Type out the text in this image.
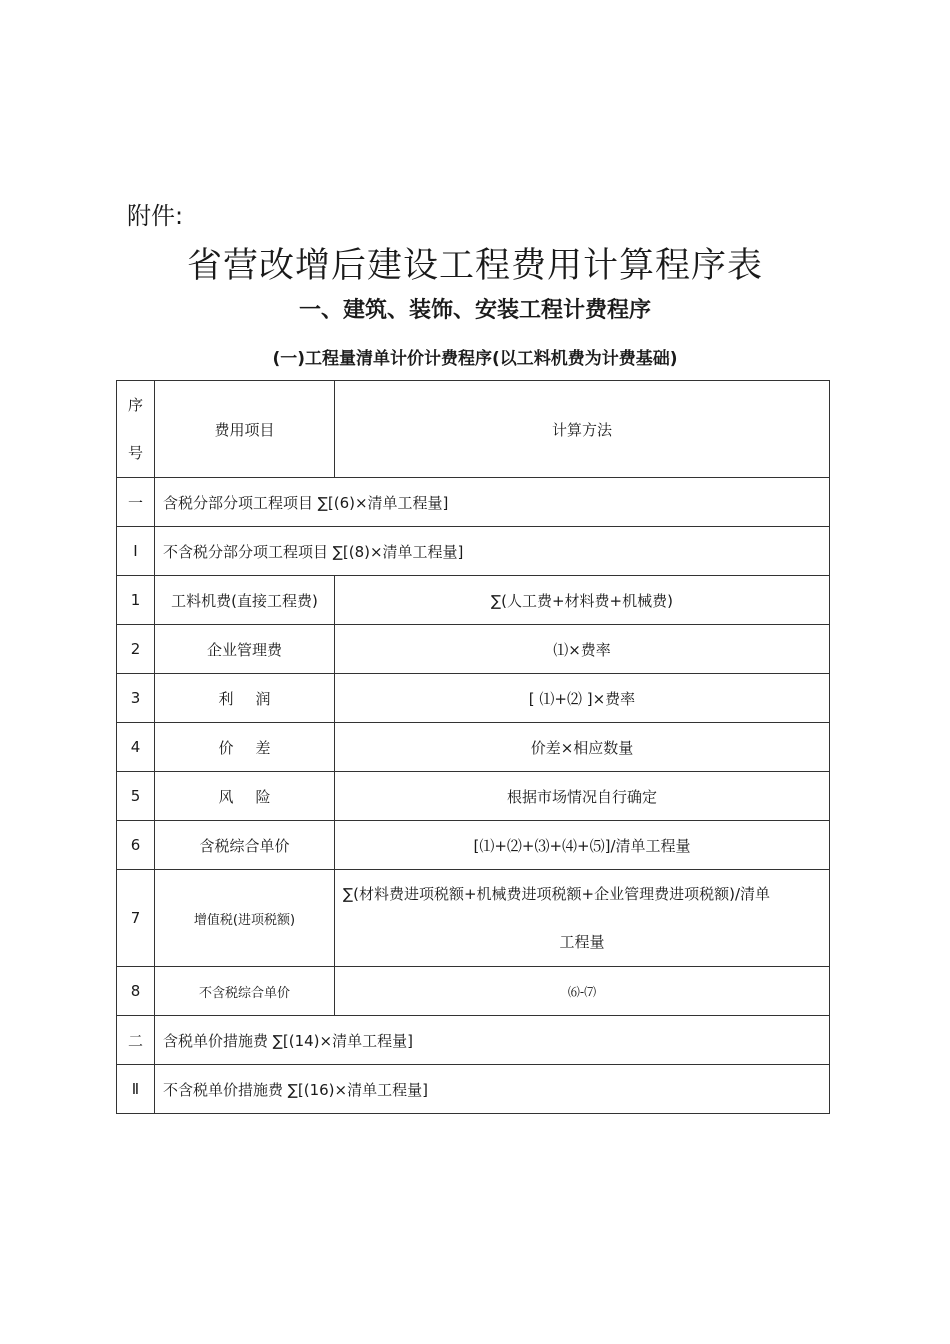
附件:
省营改增后建设工程费用计算程序表
一、建筑、装饰、安装工程计费程序
(一)工程量清单计价计费程序(以工料机费为计费基础)
序
号	费用项目	计算方法
一	含税分部分项工程项目 ∑[(6)×清单工程量]	
Ⅰ	不含税分部分项工程项目 ∑[(8)×清单工程量]	
1	工料机费(直接工程费)	∑(人工费+材料费+机械费)
2	企业管理费	⑴×费率
3	利润	[ ⑴+⑵ ]×费率
4	价差	价差×相应数量
5	风险	根据市场情况自行确定
6	含税综合单价	[⑴+⑵+⑶+⑷+⑸]/清单工程量
7	增值税(进项税额)	∑(材料费进项税额+机械费进项税额+企业管理费进项税额)/清单
工程量

8	不含税综合单价	⑹-⑺
二	含税单价措施费 ∑[(14)×清单工程量]	
Ⅱ	不含税单价措施费 ∑[(16)×清单工程量]	
